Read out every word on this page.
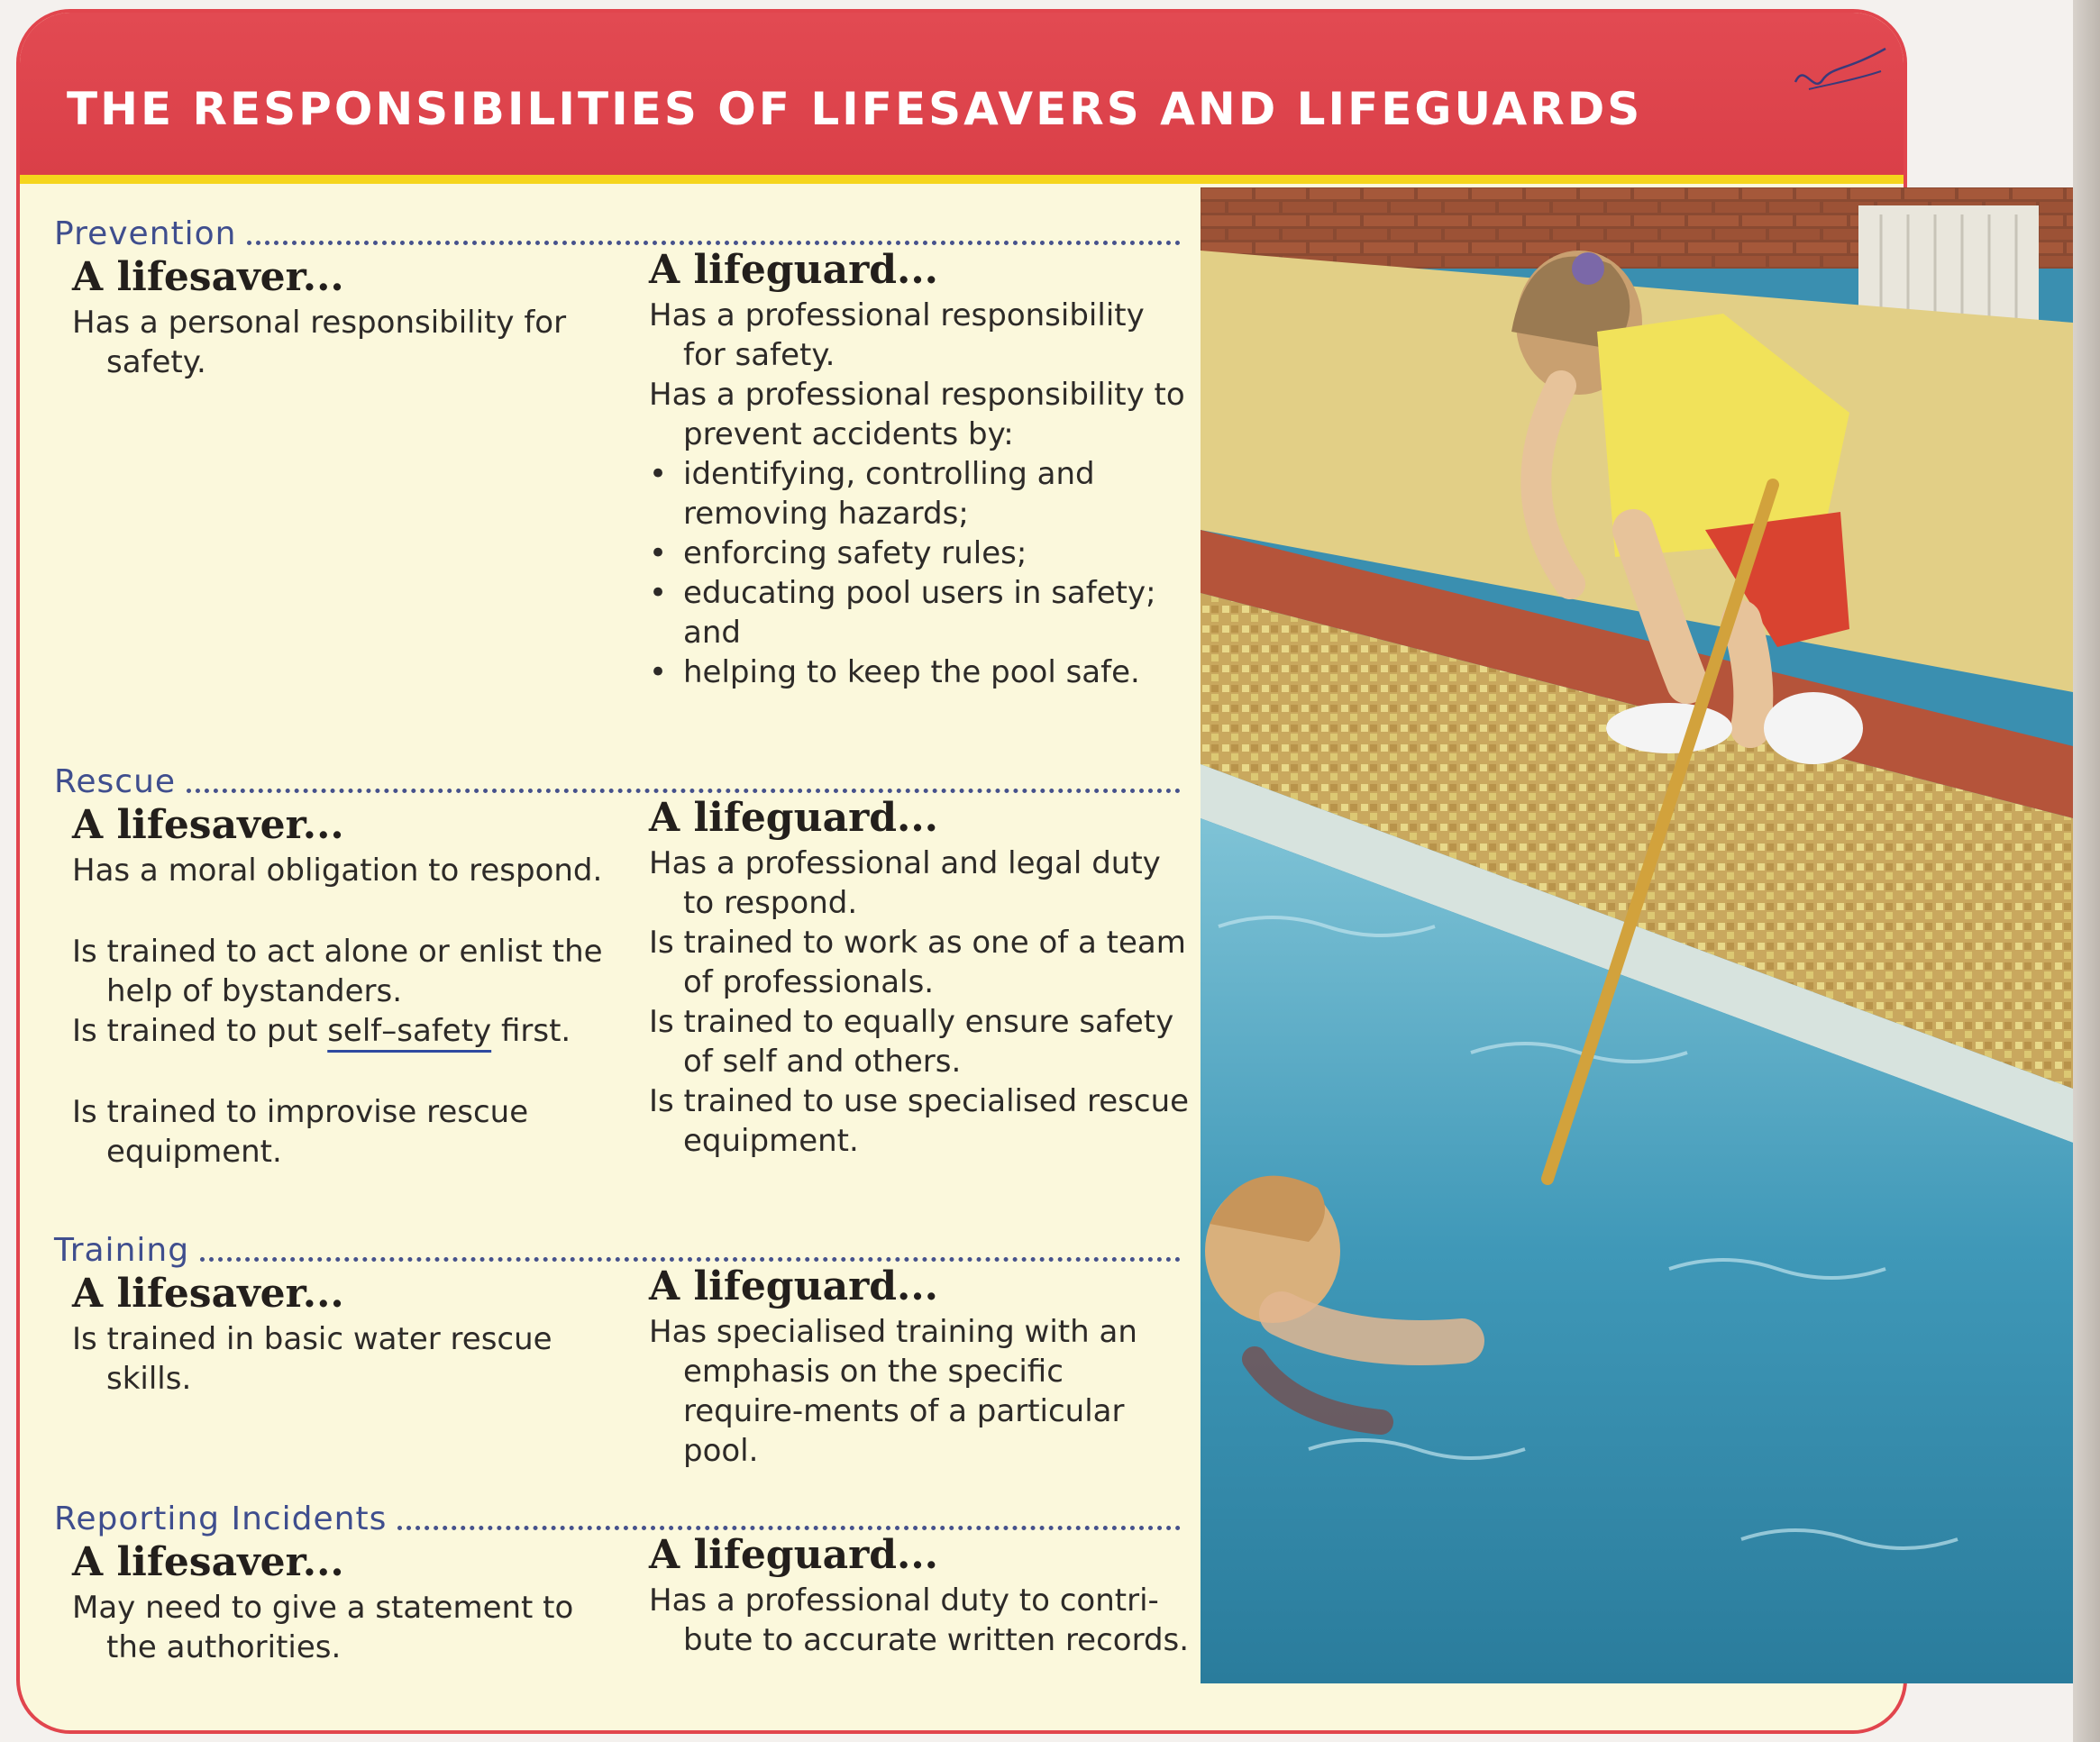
THE RESPONSIBILITIES OF LIFESAVERS AND LIFEGUARDS
Prevention
A lifesaver...
Has a personal responsibility for safety.
A lifeguard...
Has a professional responsibility for safety.
Has a professional responsibility to prevent accidents by:
• identifying, controlling and removing hazards;
• enforcing safety rules;
• educating pool users in safety; and
• helping to keep the pool safe.
Rescue
A lifesaver...
Has a moral obligation to respond.
Is trained to act alone or enlist the help of bystanders.
Is trained to put self–safety first.
Is trained to improvise rescue equipment.
A lifeguard...
Has a professional and legal duty to respond.
Is trained to work as one of a team of professionals.
Is trained to equally ensure safety of self and others.
Is trained to use specialised rescue equipment.
Training
A lifesaver...
Is trained in basic water rescue skills.
A lifeguard...
Has specialised training with an emphasis on the specific require-ments of a particular pool.
Reporting Incidents
A lifesaver...
May need to give a statement to the authorities.
A lifeguard...
Has a professional duty to contri-bute to accurate written records.
